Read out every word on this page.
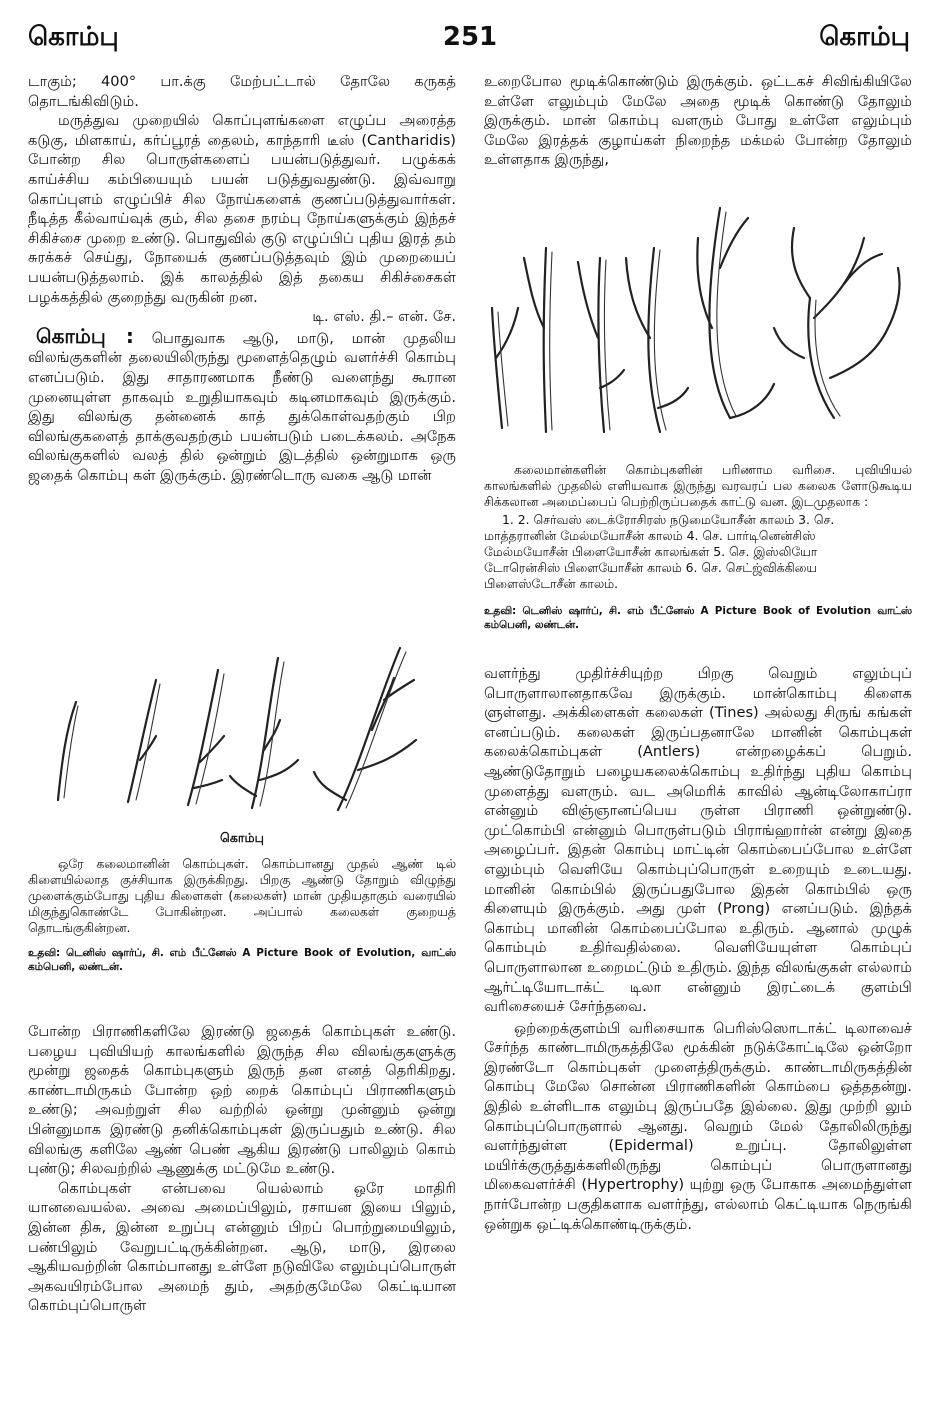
கொம்பு	251	கொம்பு

டாகும்; 400° பா.க்கு மேற்பட்டால் தோலே கருகத் தொடங்கிவிடும்.

மருத்துவ முறையில் கொப்புளங்களை எழுப்ப அரைத்த கடுகு, மிளகாய், கர்ப்பூரத் தைலம், காந்தாரி டீஸ் (Cantharidis) போன்ற சில பொருள்களைப் பயன்படுத்துவர். பழுக்கக் காய்ச்சிய கம்பியையும் பயன் படுத்துவதுண்டு. இவ்வாறு கொப்புளம் எழுப்பிச் சில நோய்களைக் குணப்படுத்துவார்கள். நீடித்த கீல்வாய்வுக் கும், சில தசை நரம்பு நோய்களுக்கும் இந்தச் சிகிச்சை முறை உண்டு. பொதுவில் குடு எழுப்பிப் புதிய இரத் தம் சுரக்கச் செய்து, நோயைக் குணப்படுத்தவும் இம் முறையைப் பயன்படுத்தலாம். இக் காலத்தில் இத் தகைய சிகிச்சைகள் பழக்கத்தில் குறைந்து வருகின் றன.

டி. எஸ். தி.– என். சே.

கொம்பு : பொதுவாக ஆடு, மாடு, மான் முதலிய விலங்குகளின் தலையிலிருந்து மூளைத்தெழும் வளர்ச்சி கொம்பு எனப்படும். இது சாதாரணமாக நீண்டு வளைந்து கூரான முனையுள்ள தாகவும் உறுதியாகவும் கடினமாகவும் இருக்கும். இது விலங்கு தன்னைக் காத் துக்கொள்வதற்கும் பிற விலங்குகளைத் தாக்குவதற்கும் பயன்படும் படைக்கலம். அநேக விலங்குகளில் வலத் தில் ஒன்றும் இடத்தில் ஒன்றுமாக ஒரு ஜதைக் கொம்பு கள் இருக்கும். இரண்டொரு வகை ஆடு மான்

கொம்பு

ஒரே கலைமானின் கொம்புகள். கொம்பானது முதல் ஆண் டில் கிளையில்லாத குச்சியாக இருக்கிறது. பிறகு ஆண்டு தோறும் விழுந்து முளைக்கும்போது புதிய கிளைகள் (கலைகள்) மான் முதியதாகும் வரையில் மிகுந்துகொண்டே போகின்றன. அப்பால் கலைகள் குறையத் தொடங்குகின்றன.

உதவி: டெனிஸ் ஷார்ப், சி. எம் பீட்னேஸ் A Picture Book of Evolution, வாட்ஸ் கம்பெனி, லண்டன்.

போன்ற பிராணிகளிலே இரண்டு ஜதைக் கொம்புகள் உண்டு. பழைய புவியியற் காலங்களில் இருந்த சில விலங்குகளுக்கு மூன்று ஜதைக் கொம்புகளும் இருந் தன எனத் தெரிகிறது. காண்டாமிருகம் போன்ற ஒற் றைக் கொம்புப் பிராணிகளும் உண்டு; அவற்றுள் சில வற்றில் ஒன்று முன்னும் ஒன்று பின்னுமாக இரண்டு தனிக்கொம்புகள் இருப்பதும் உண்டு. சில விலங்கு களிலே ஆண் பெண் ஆகிய இரண்டு பாலிலும் கொம் புண்டு; சிலவற்றில் ஆணுக்கு மட்டுமே உண்டு.

கொம்புகள் என்பவை யெல்லாம் ஒரே மாதிரி யானவையல்ல. அவை அமைப்பிலும், ரசாயன இயை பிலும், இன்ன திசு, இன்ன உறுப்பு என்னும் பிறப் பொற்றுமையிலும், பண்பிலும் வேறுபட்டிருக்கின்றன. ஆடு, மாடு, இரலை ஆகியவற்றின் கொம்பானது உள்ளே நடுவிலே எலும்புப்பொருள் அகவயிரம்போல அமைந் தும், அதற்குமேலே கெட்டியான கொம்புப்பொருள்

உறைபோல மூடிக்கொண்டும் இருக்கும். ஒட்டகச் சிவிங்கியிலே உள்ளே எலும்பும் மேலே அதை மூடிக் கொண்டு தோலும் இருக்கும். மான் கொம்பு வளரும் போது உள்ளே எலும்பும் மேலே இரத்தக் குழாய்கள் நிறைந்த மக்மல் போன்ற தோலும் உள்ளதாக இருந்து,

கலைமான்களின் கொம்புகளின் பரிணாம வரிசை. புவியியல் காலங்களில் முதலில் எளியவாக இருந்து வரவரப் பல கலைக ளோடுகூடிய சிக்கலான அமைப்பைப் பெற்றிருப்பதைக் காட்டு வன. இடமுதலாக :

1. 2. செர்வஸ் டைக்ரோசிரஸ் நடுமையோசீன் காலம் 3. செ.
மாத்தரானின் மேல்மயோசீன் காலம் 4. செ. பார்டினென்சிஸ்
மேல்மயோசீன் பிளையோசீன் காலங்கள் 5. செ. இஸ்லியோ
டோரென்சிஸ் பிளையோசீன் காலம் 6. செ. செட்ஜ்விக்கியை
பிளைஸ்டோசீன் காலம்.

உதவி: டெனிஸ் ஷார்ப், சி. எம் பீட்னேஸ் A Picture Book of Evolution வாட்ஸ் கம்பெனி, லண்டன்.

வளர்ந்து முதிர்ச்சியுற்ற பிறகு வெறும் எலும்புப் பொருளாலானதாகவே இருக்கும். மான்கொம்பு கிளைக ளுள்ளது. அக்கிளைகள் கலைகள் (Tines) அல்லது சிருங் கங்கள் எனப்படும். கலைகள் இருப்பதனாலே மானின் கொம்புகள் கலைக்கொம்புகள் (Antlers) என்றழைக்கப் பெறும். ஆண்டுதோறும் பழையகலைக்கொம்பு உதிர்ந்து புதிய கொம்பு முளைத்து வளரும். வட அமெரிக் காவில் ஆன்டிலோகாப்ரா என்னும் விஞ்ஞானப்பெய ருள்ள பிராணி ஒன்றுண்டு. முட்கொம்பி என்னும் பொருள்படும் பிராங்ஹார்ன் என்று இதை அழைப்பர். இதன் கொம்பு மாட்டின் கொம்பைப்போல உள்ளே எலும்பும் வெளியே கொம்புப்பொருள் உறையும் உடையது. மானின் கொம்பில் இருப்பதுபோல இதன் கொம்பில் ஒரு கிளையும் இருக்கும். அது முள் (Prong) எனப்படும். இந்தக் கொம்பு மானின் கொம்பைப்போல உதிரும். ஆனால் முழுக் கொம்பும் உதிர்வதில்லை. வெளியேயுள்ள கொம்புப் பொருளாலான உறைமட்டும் உதிரும். இந்த விலங்குகள் எல்லாம் ஆர்ட்டியோடாக்ட் டிலா என்னும் இரட்டைக் குளம்பி வரிசையைச் சேர்ந்தவை.

ஒற்றைக்குளம்பி வரிசையாக பெரிஸ்ஸொடாக்ட் டிலாவைச் சேர்ந்த காண்டாமிருகத்திலே மூக்கின் நடுக்கோட்டிலே ஒன்றோ இரண்டோ கொம்புகள் முளைத்திருக்கும். காண்டாமிருகத்தின் கொம்பு மேலே சொன்ன பிராணிகளின் கொம்பை ஒத்ததன்று. இதில் உள்ளிடாக எலும்பு இருப்பதே இல்லை. இது முற்றி லும் கொம்புப்பொருளால் ஆனது. வெறும் மேல் தோலிலிருந்து வளர்ந்துள்ள (Epidermal) உறுப்பு. தோலிலுள்ள மயிர்க்குருத்துக்களிலிருந்து கொம்புப் பொருளானது மிகைவளர்ச்சி (Hypertrophy) யுற்று ஒரு போகாக அமைந்துள்ள நார்போன்ற பகுதிகளாக வளர்ந்து, எல்லாம் கெட்டியாக நெருங்கி ஒன்றுக ஒட்டிக்கொண்டிருக்கும்.
